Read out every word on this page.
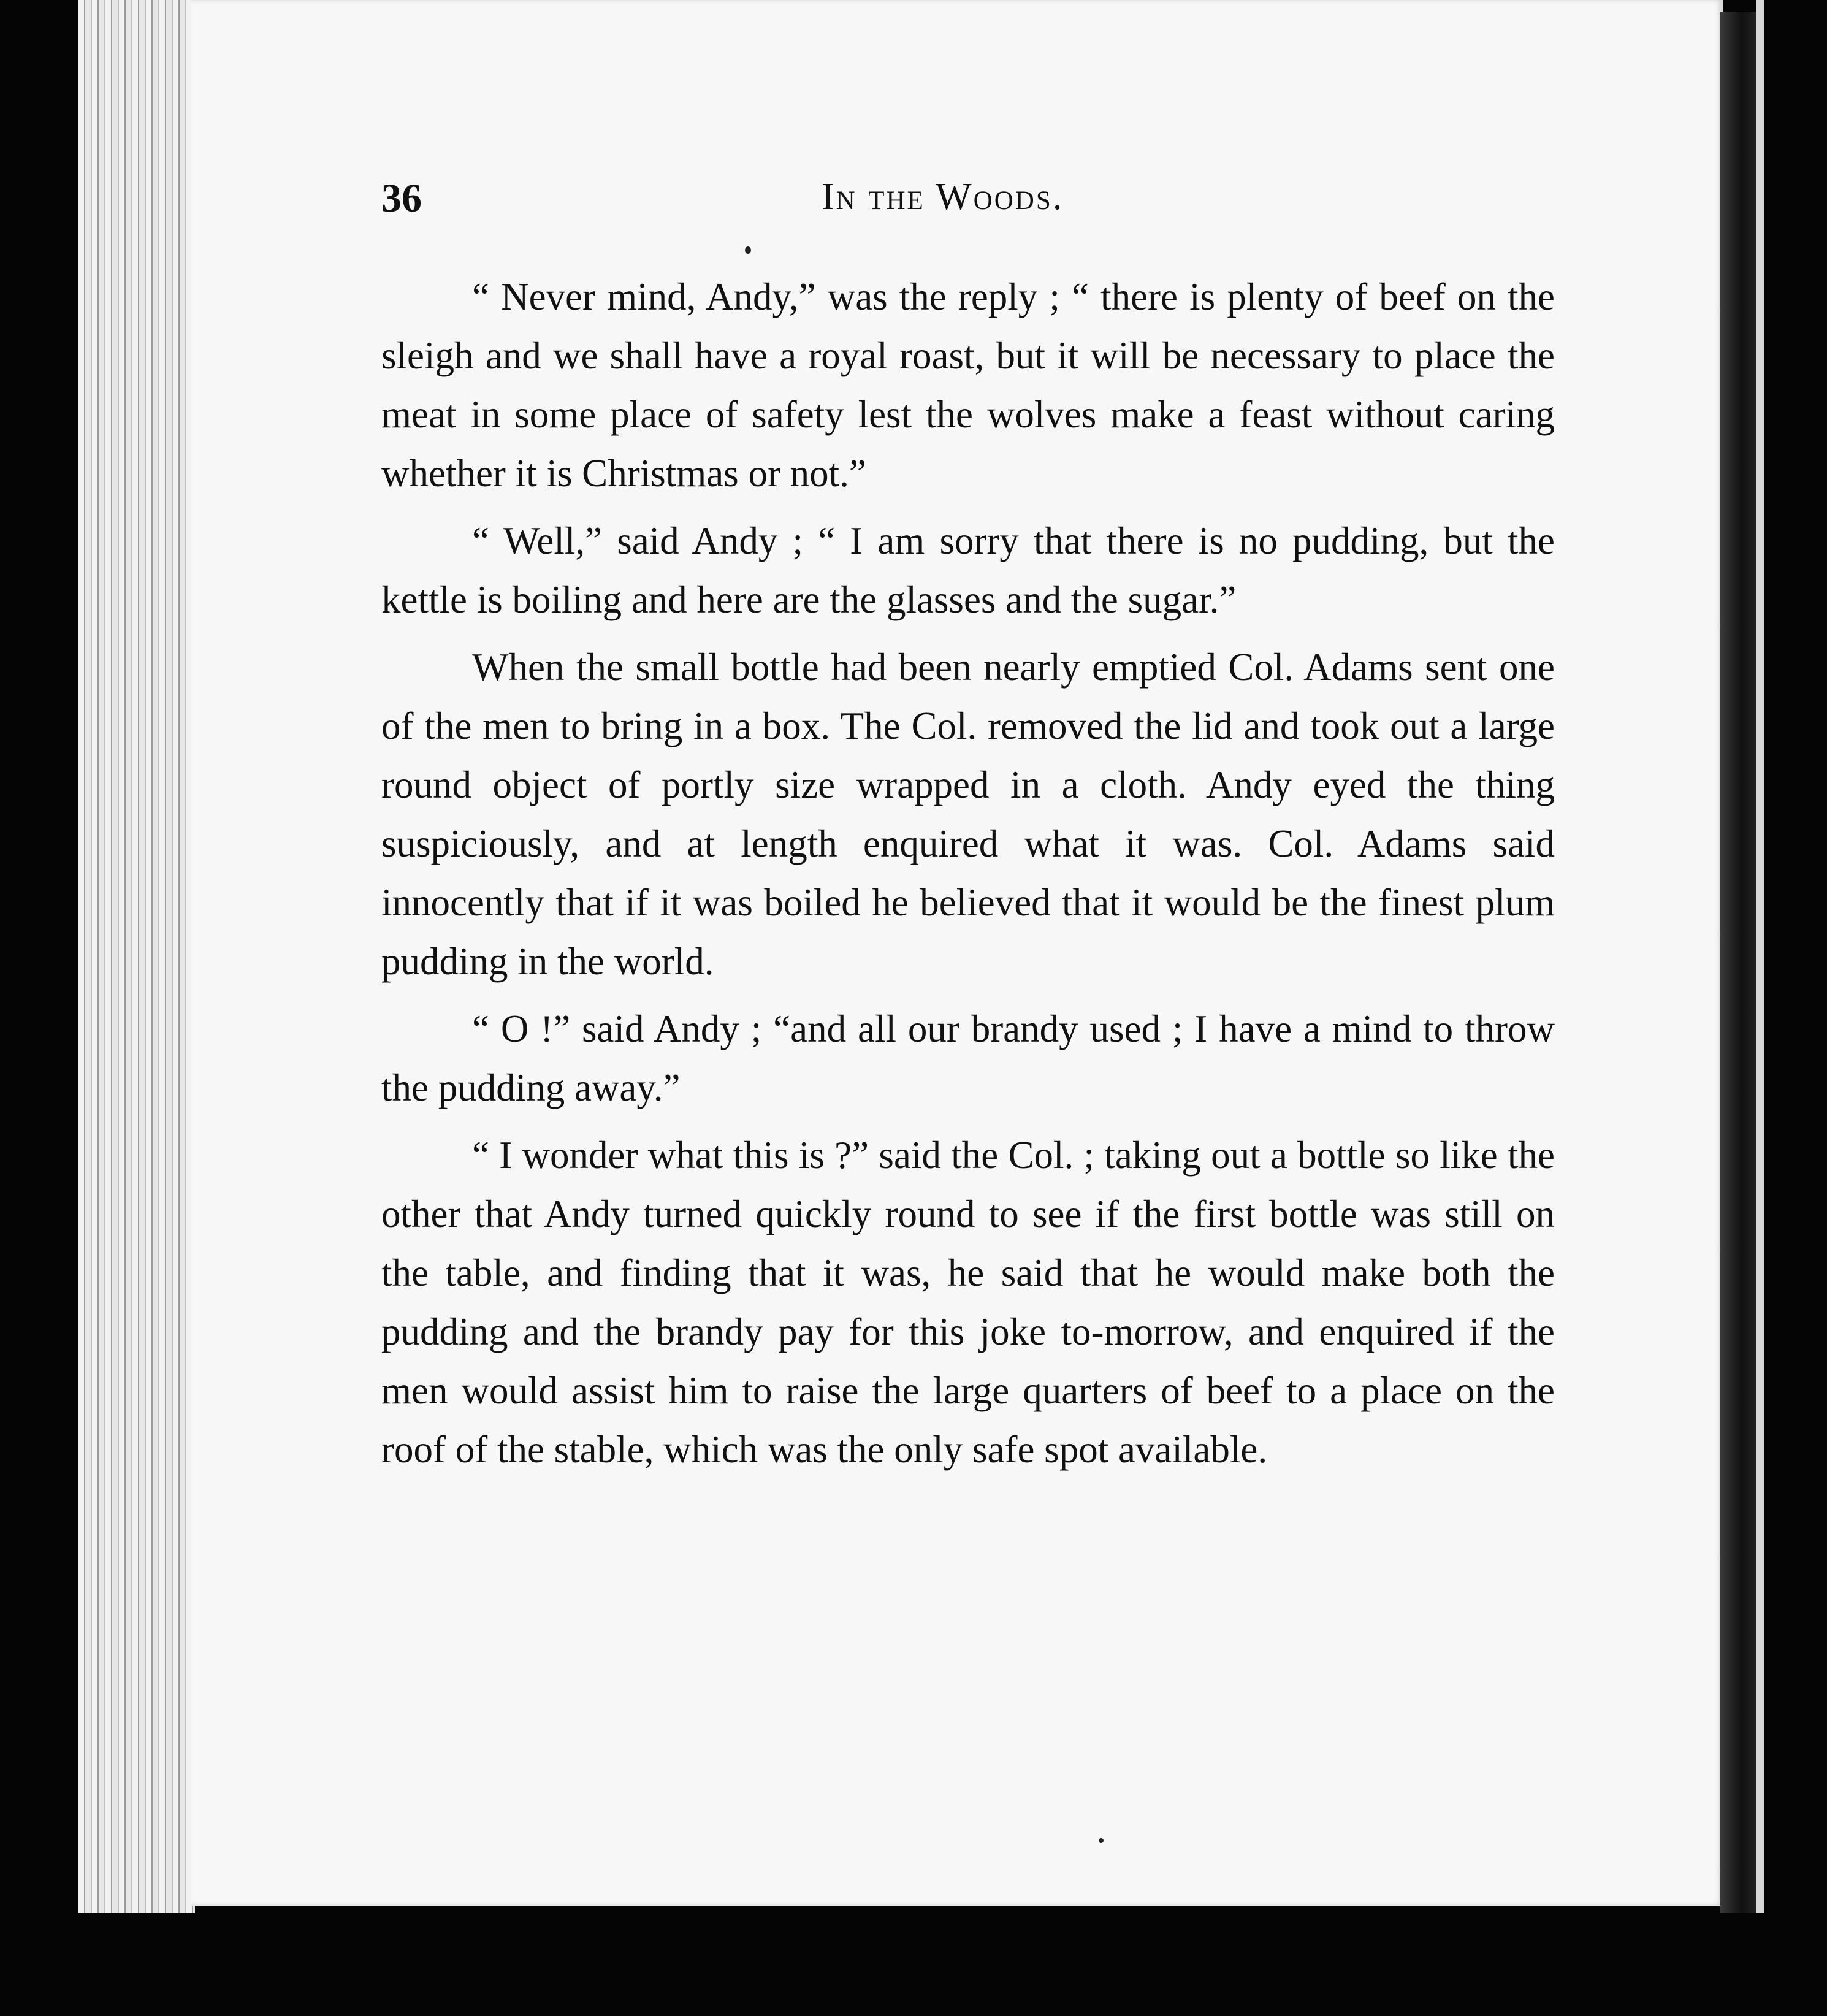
36	In the Woods.

“ Never mind, Andy,” was the reply ; “ there is plenty of beef on the sleigh and we shall have a royal roast, but it will be necessary to place the meat in some place of safety lest the wolves make a feast without caring whether it is Christmas or not.”

“ Well,” said Andy ; “ I am sorry that there is no pudding, but the kettle is boiling and here are the glasses and the sugar.”

When the small bottle had been nearly emptied Col. Adams sent one of the men to bring in a box. The Col. removed the lid and took out a large round object of portly size wrapped in a cloth. Andy eyed the thing suspiciously, and at length enquired what it was. Col. Adams said innocently that if it was boiled he believed that it would be the finest plum pudding in the world.

“ O !” said Andy ; “and all our brandy used ; I have a mind to throw the pudding away.”

“ I wonder what this is ?” said the Col. ; taking out a bottle so like the other that Andy turned quickly round to see if the first bottle was still on the table, and finding that it was, he said that he would make both the pudding and the brandy pay for this joke to-morrow, and enquired if the men would assist him to raise the large quarters of beef to a place on the roof of the stable, which was the only safe spot available.
